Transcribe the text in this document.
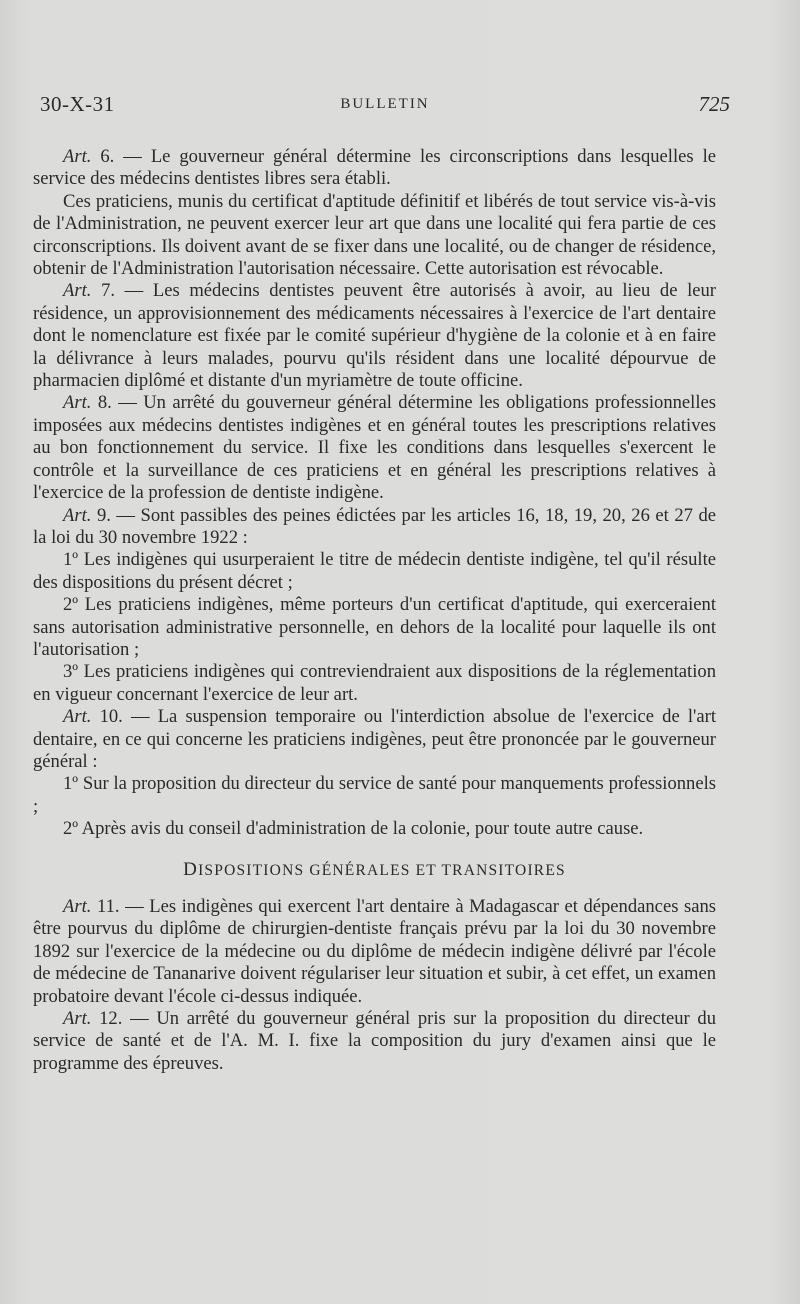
30-X-31	BULLETIN	725

Art. 6. — Le gouverneur général détermine les circonscriptions dans lesquelles le service des médecins dentistes libres sera établi.

Ces praticiens, munis du certificat d'aptitude définitif et libérés de tout service vis-à-vis de l'Administration, ne peuvent exercer leur art que dans une localité qui fera partie de ces circonscriptions. Ils doivent avant de se fixer dans une localité, ou de changer de résidence, obtenir de l'Administration l'autorisation nécessaire. Cette autorisation est révocable.

Art. 7. — Les médecins dentistes peuvent être autorisés à avoir, au lieu de leur résidence, un approvisionnement des médicaments nécessaires à l'exercice de l'art dentaire dont le nomenclature est fixée par le comité supérieur d'hygiène de la colonie et à en faire la délivrance à leurs malades, pourvu qu'ils résident dans une localité dépourvue de pharmacien diplômé et distante d'un myriamètre de toute officine.

Art. 8. — Un arrêté du gouverneur général détermine les obligations professionnelles imposées aux médecins dentistes indigènes et en général toutes les prescriptions relatives au bon fonctionnement du service. Il fixe les conditions dans lesquelles s'exercent le contrôle et la surveillance de ces praticiens et en général les prescriptions relatives à l'exercice de la profession de dentiste indigène.

Art. 9. — Sont passibles des peines édictées par les articles 16, 18, 19, 20, 26 et 27 de la loi du 30 novembre 1922 :

1º Les indigènes qui usurperaient le titre de médecin dentiste indigène, tel qu'il résulte des dispositions du présent décret ;

2º Les praticiens indigènes, même porteurs d'un certificat d'aptitude, qui exerceraient sans autorisation administrative personnelle, en dehors de la localité pour laquelle ils ont l'autorisation ;

3º Les praticiens indigènes qui contreviendraient aux dispositions de la réglementation en vigueur concernant l'exercice de leur art.

Art. 10. — La suspension temporaire ou l'interdiction absolue de l'exercice de l'art dentaire, en ce qui concerne les praticiens indigènes, peut être prononcée par le gouverneur général :

1º Sur la proposition du directeur du service de santé pour manquements professionnels ;

2º Après avis du conseil d'administration de la colonie, pour toute autre cause.

DISPOSITIONS GÉNÉRALES ET TRANSITOIRES

Art. 11. — Les indigènes qui exercent l'art dentaire à Madagascar et dépendances sans être pourvus du diplôme de chirurgien-dentiste français prévu par la loi du 30 novembre 1892 sur l'exercice de la médecine ou du diplôme de médecin indigène délivré par l'école de médecine de Tananarive doivent régulariser leur situation et subir, à cet effet, un examen probatoire devant l'école ci-dessus indiquée.

Art. 12. — Un arrêté du gouverneur général pris sur la proposition du directeur du service de santé et de l'A. M. I. fixe la composition du jury d'examen ainsi que le programme des épreuves.
